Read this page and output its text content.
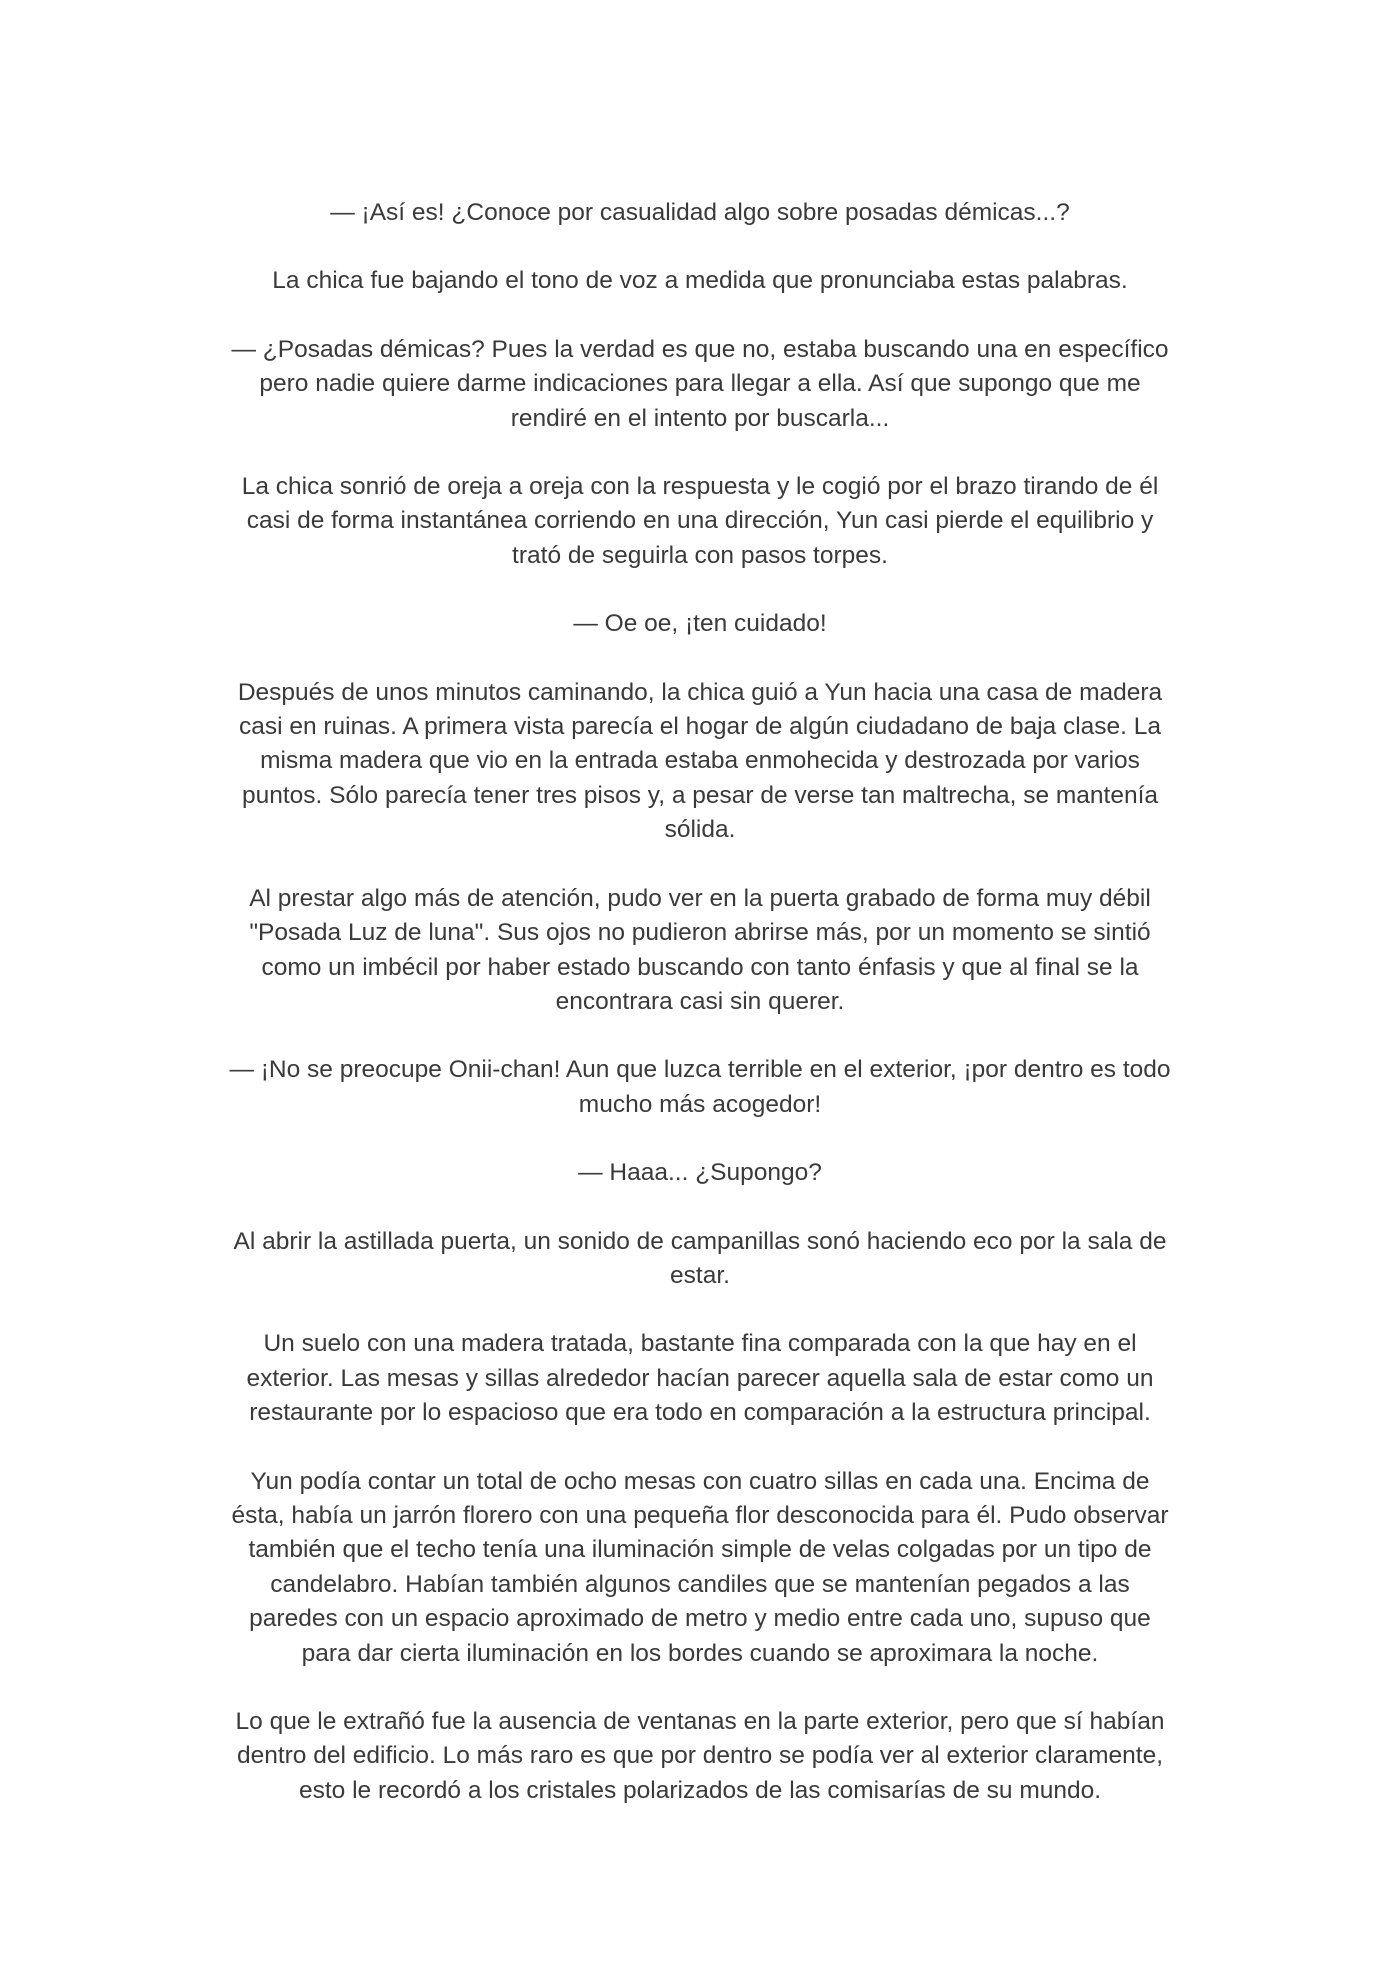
— ¡Así es! ¿Conoce por casualidad algo sobre posadas démicas...?

La chica fue bajando el tono de voz a medida que pronunciaba estas palabras.

— ¿Posadas démicas? Pues la verdad es que no, estaba buscando una en específico
pero nadie quiere darme indicaciones para llegar a ella. Así que supongo que me
rendiré en el intento por buscarla...

La chica sonrió de oreja a oreja con la respuesta y le cogió por el brazo tirando de él
casi de forma instantánea corriendo en una dirección, Yun casi pierde el equilibrio y
trató de seguirla con pasos torpes.

— Oe oe, ¡ten cuidado!

Después de unos minutos caminando, la chica guió a Yun hacia una casa de madera
casi en ruinas. A primera vista parecía el hogar de algún ciudadano de baja clase. La
misma madera que vio en la entrada estaba enmohecida y destrozada por varios
puntos. Sólo parecía tener tres pisos y, a pesar de verse tan maltrecha, se mantenía
sólida.

Al prestar algo más de atención, pudo ver en la puerta grabado de forma muy débil
"Posada Luz de luna". Sus ojos no pudieron abrirse más, por un momento se sintió
como un imbécil por haber estado buscando con tanto énfasis y que al final se la
encontrara casi sin querer.

— ¡No se preocupe Onii-chan! Aun que luzca terrible en el exterior, ¡por dentro es todo
mucho más acogedor!

— Haaa... ¿Supongo?

Al abrir la astillada puerta, un sonido de campanillas sonó haciendo eco por la sala de
estar.

Un suelo con una madera tratada, bastante fina comparada con la que hay en el
exterior. Las mesas y sillas alrededor hacían parecer aquella sala de estar como un
restaurante por lo espacioso que era todo en comparación a la estructura principal.

Yun podía contar un total de ocho mesas con cuatro sillas en cada una. Encima de
ésta, había un jarrón florero con una pequeña flor desconocida para él. Pudo observar
también que el techo tenía una iluminación simple de velas colgadas por un tipo de
candelabro. Habían también algunos candiles que se mantenían pegados a las
paredes con un espacio aproximado de metro y medio entre cada uno, supuso que
para dar cierta iluminación en los bordes cuando se aproximara la noche.

Lo que le extrañó fue la ausencia de ventanas en la parte exterior, pero que sí habían
dentro del edificio. Lo más raro es que por dentro se podía ver al exterior claramente,
esto le recordó a los cristales polarizados de las comisarías de su mundo.
